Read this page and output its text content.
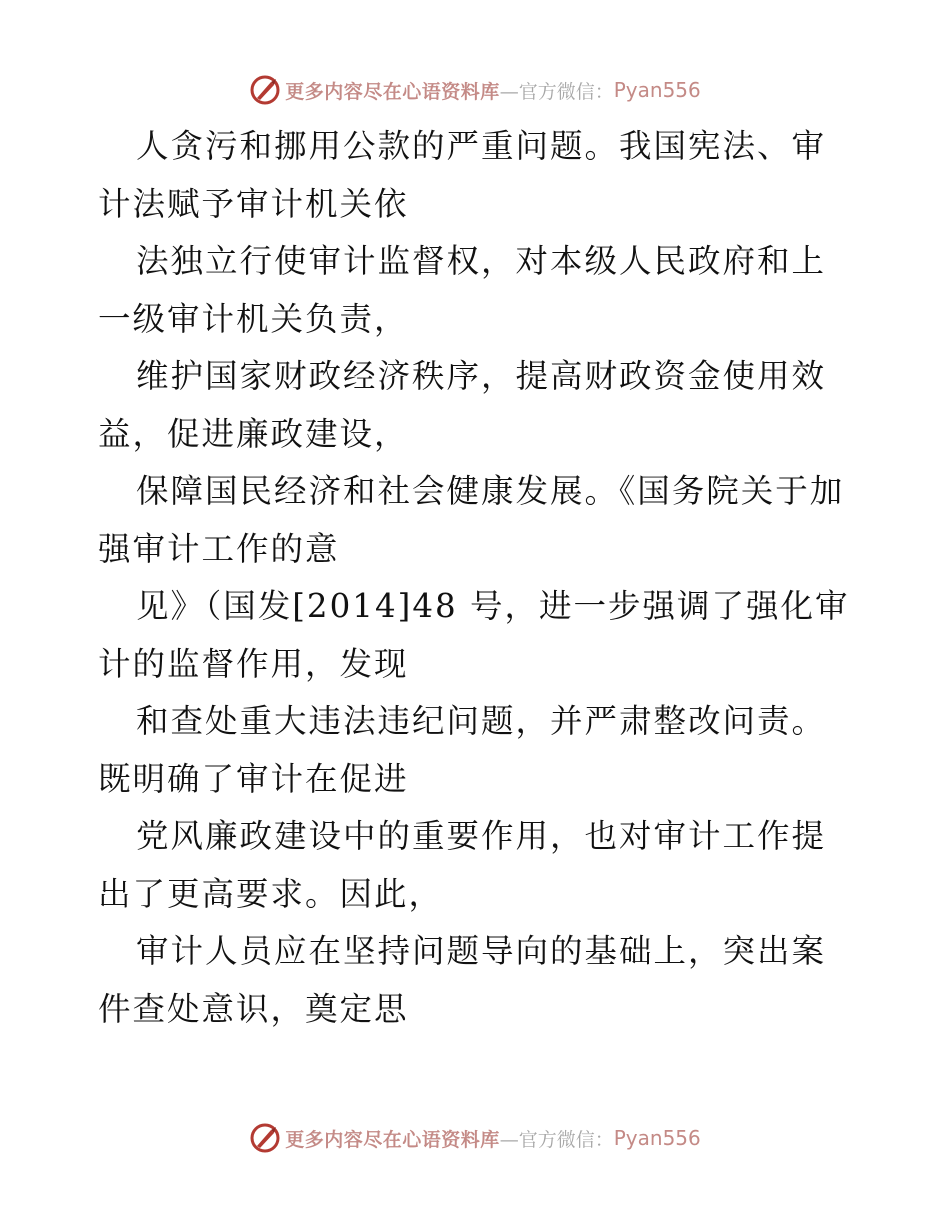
更多内容尽在心语资料库 —官方微信： Pyan556

人贪污和挪用公款的严重问题。我国宪法、审计法赋予审计机关依

法独立行使审计监督权，对本级人民政府和上一级审计机关负责，

维护国家财政经济秩序，提高财政资金使用效益，促进廉政建设，

保障国民经济和社会健康发展。《国务院关于加强审计工作的意

见》（国发[2014]48 号，进一步强调了强化审计的监督作用，发现

和查处重大违法违纪问题，并严肃整改问责。既明确了审计在促进

党风廉政建设中的重要作用，也对审计工作提出了更高要求。因此，

审计人员应在坚持问题导向的基础上，突出案件查处意识，奠定思

更多内容尽在心语资料库 —官方微信： Pyan556
